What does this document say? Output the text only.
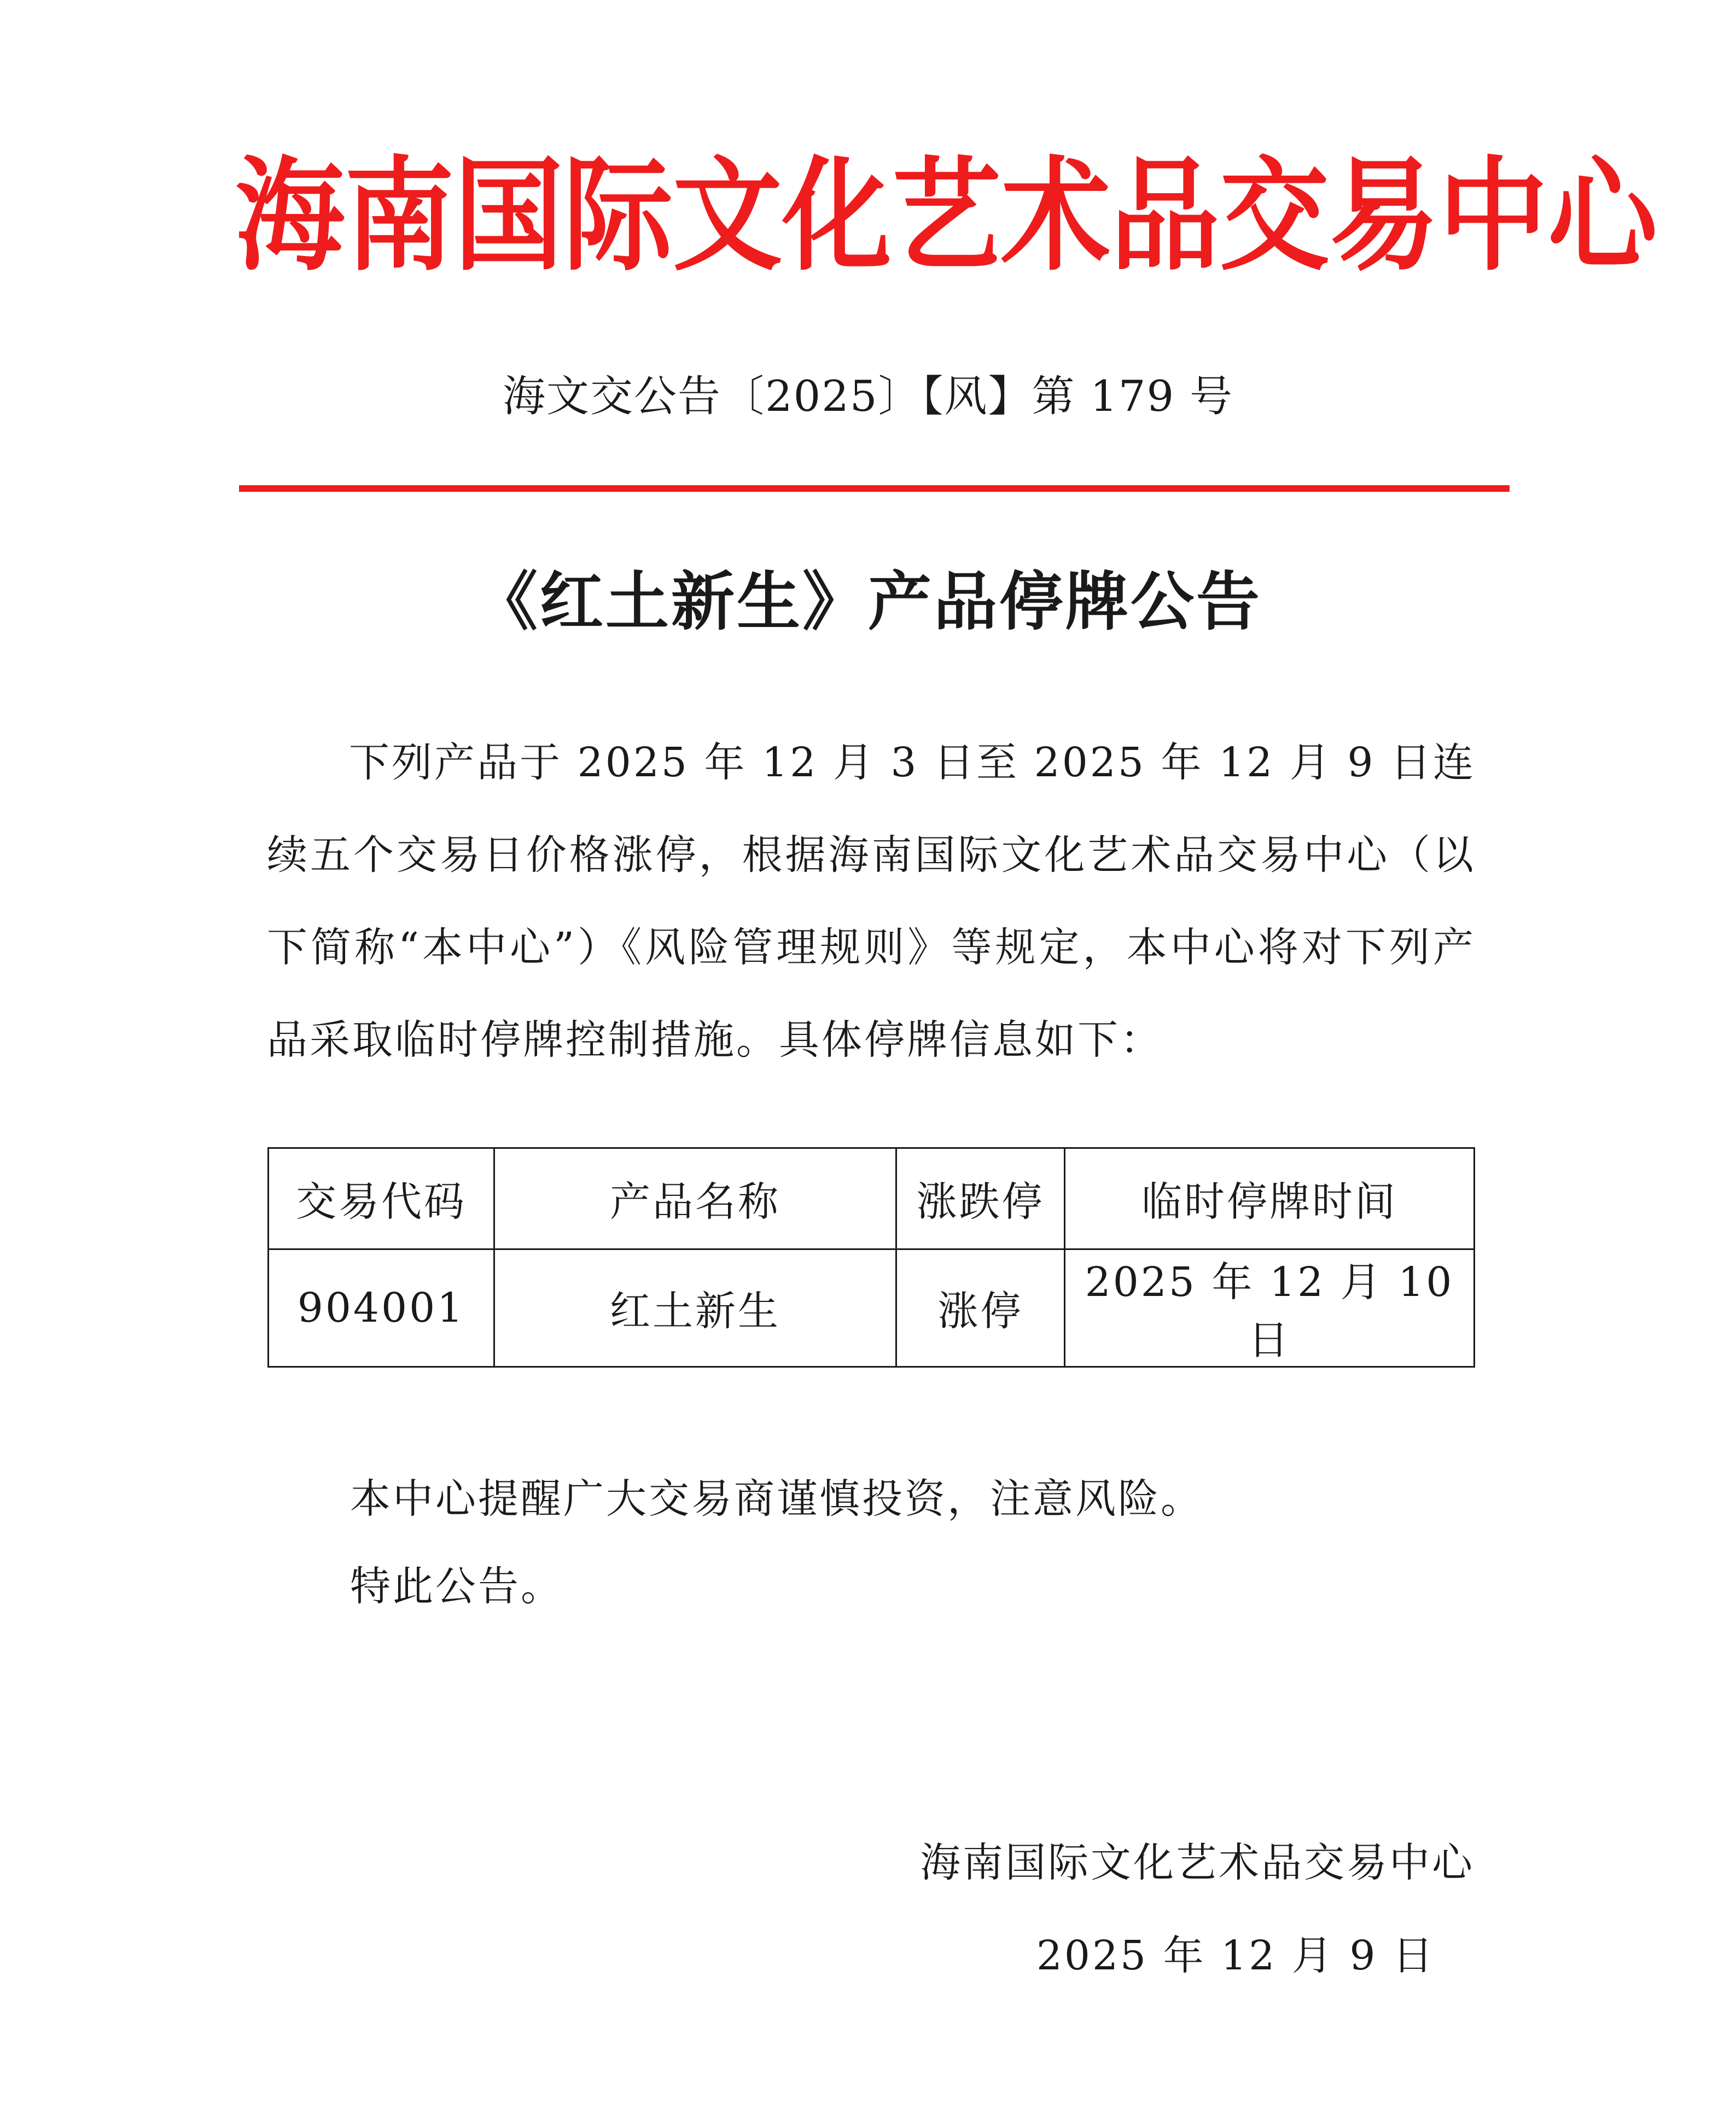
海 南 国 际 文 化 艺 术 品 交 易 中 心
海文交公告〔2025〕【风】第 179 号
《红土新生》产品停牌公告
下列产品于 2025 年 12 月 3 日至 2025 年 12 月 9 日连续五个交易日价格涨停，根据海南国际文化艺术品交易中心（以下简称“本中心”）《风险管理规则》等规定，本中心将对下列产品采取临时停牌控制措施。具体停牌信息如下：
交易代码	产品名称	涨跌停	临时停牌时间
904001	红土新生	涨停	2025 年 12 月 10 日
本中心提醒广大交易商谨慎投资，注意风险。
特此公告。
海南国际文化艺术品交易中心
2025 年 12 月 9 日
